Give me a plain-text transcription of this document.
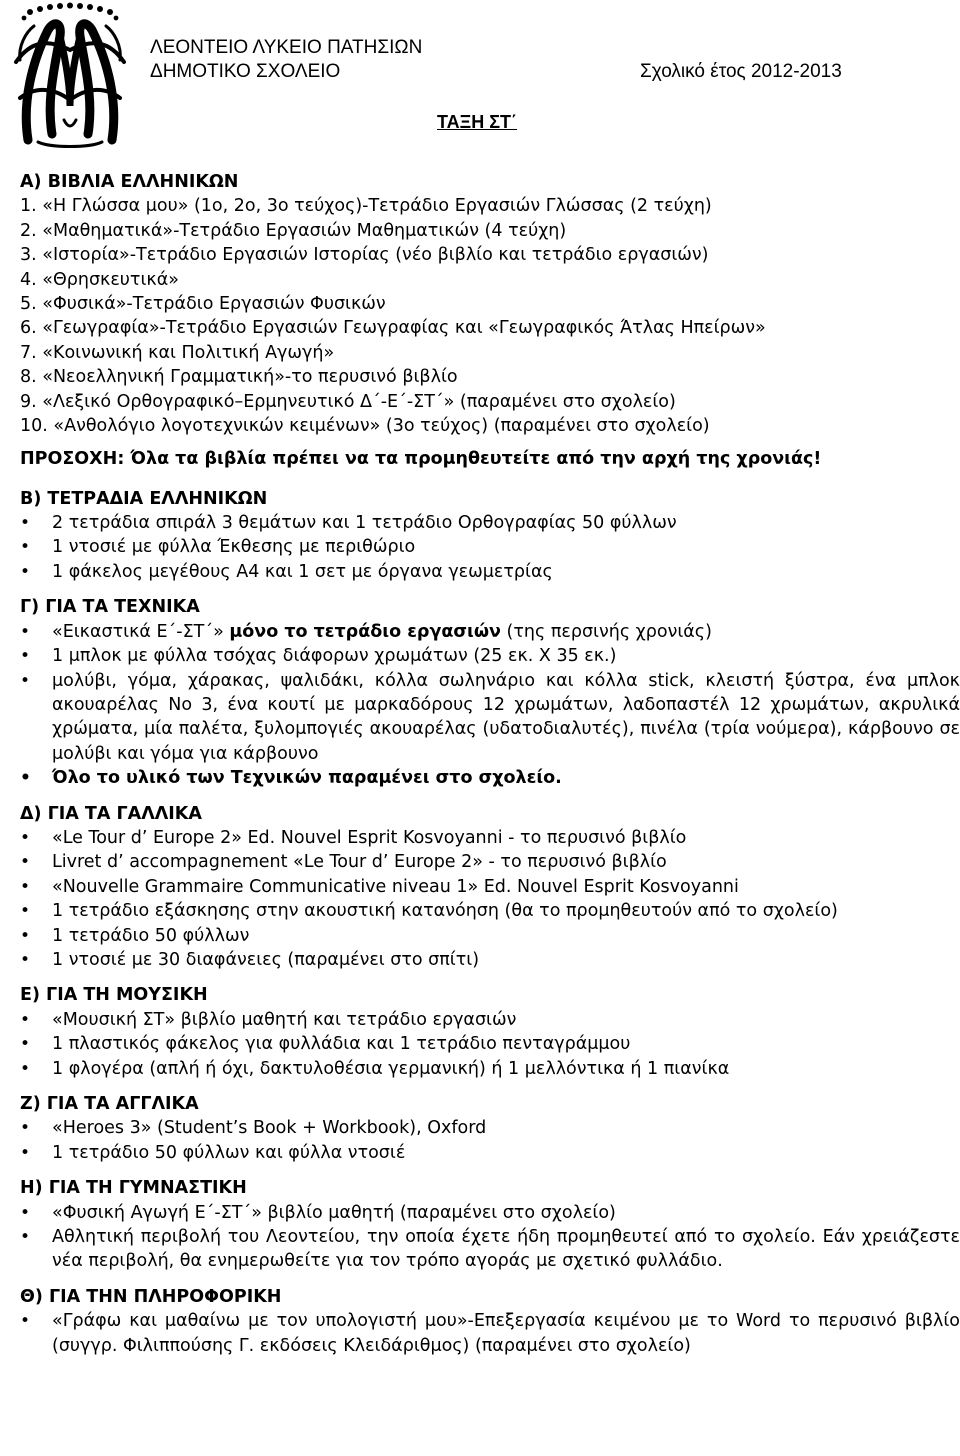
ΛΕΟΝΤΕΙΟ ΛΥΚΕΙΟ ΠΑΤΗΣΙΩΝ
ΔΗΜΟΤΙΚΟ ΣΧΟΛΕΙΟ	Σχολικό έτος 2012-2013
ΤΑΞΗ ΣΤ΄
Α) ΒΙΒΛΙΑ ΕΛΛΗΝΙΚΩΝ
1. «Η Γλώσσα μου» (1ο, 2ο, 3ο τεύχος)-Τετράδιο Εργασιών Γλώσσας (2 τεύχη)
2. «Μαθηματικά»-Τετράδιο Εργασιών Μαθηματικών (4 τεύχη)
3. «Ιστορία»-Τετράδιο Εργασιών Ιστορίας (νέο βιβλίο και τετράδιο εργασιών)
4. «Θρησκευτικά»
5. «Φυσικά»-Τετράδιο Εργασιών Φυσικών
6. «Γεωγραφία»-Τετράδιο Εργασιών Γεωγραφίας και «Γεωγραφικός Άτλας Ηπείρων»
7. «Κοινωνική και Πολιτική Αγωγή»
8. «Νεοελληνική Γραμματική»-το περυσινό βιβλίο
9. «Λεξικό Ορθογραφικό–Ερμηνευτικό Δ΄-Ε΄-ΣΤ΄» (παραμένει στο σχολείο)
10. «Ανθολόγιο λογοτεχνικών κειμένων» (3ο τεύχος) (παραμένει στο σχολείο)
ΠΡΟΣΟΧΗ: Όλα τα βιβλία πρέπει να τα προμηθευτείτε από την αρχή της χρονιάς!
Β) ΤΕΤΡΑΔΙΑ ΕΛΛΗΝΙΚΩΝ
• 2 τετράδια σπιράλ 3 θεμάτων και 1 τετράδιο Ορθογραφίας 50 φύλλων
• 1 ντοσιέ με φύλλα Έκθεσης με περιθώριο
• 1 φάκελος μεγέθους Α4 και 1 σετ με όργανα γεωμετρίας
Γ) ΓΙΑ ΤΑ ΤΕΧΝΙΚΑ
• «Εικαστικά Ε΄-ΣΤ΄» μόνο το τετράδιο εργασιών (της περσινής χρονιάς)
• 1 μπλοκ με φύλλα τσόχας διάφορων χρωμάτων (25 εκ. Χ 35 εκ.)
• μολύβι, γόμα, χάρακας, ψαλιδάκι, κόλλα σωληνάριο και κόλλα stick, κλειστή ξύστρα, ένα μπλοκ ακουαρέλας Νο 3, ένα κουτί με μαρκαδόρους 12 χρωμάτων, λαδοπαστέλ 12 χρωμάτων, ακρυλικά χρώματα, μία παλέτα, ξυλομπογιές ακουαρέλας (υδατοδιαλυτές), πινέλα (τρία νούμερα), κάρβουνο σε μολύβι και γόμα για κάρβουνο
• Όλο το υλικό των Τεχνικών παραμένει στο σχολείο.
Δ) ΓΙΑ ΤΑ ΓΑΛΛΙΚΑ
• «Le Tour d’ Europe 2» Ed. Nouvel Esprit Kosvoyanni - το περυσινό βιβλίο
• Livret d’ accompagnement «Le Tour d’ Europe 2» - το περυσινό βιβλίο
• «Nouvelle Grammaire Communicative niveau 1» Ed. Nouvel Esprit Kosvoyanni
• 1 τετράδιο εξάσκησης στην ακουστική κατανόηση (θα το προμηθευτούν από το σχολείο)
• 1 τετράδιο 50 φύλλων
• 1 ντοσιέ με 30 διαφάνειες (παραμένει στο σπίτι)
Ε) ΓΙΑ ΤΗ ΜΟΥΣΙΚΗ
• «Μουσική ΣΤ» βιβλίο μαθητή και τετράδιο εργασιών
• 1 πλαστικός φάκελος για φυλλάδια και 1 τετράδιο πενταγράμμου
• 1 φλογέρα (απλή ή όχι, δακτυλοθέσια γερμανική) ή 1 μελλόντικα ή 1 πιανίκα
Ζ) ΓΙΑ ΤΑ ΑΓΓΛΙΚΑ
• «Heroes 3» (Student’s Book + Workbook), Oxford
• 1 τετράδιο 50 φύλλων και φύλλα ντοσιέ
Η) ΓΙΑ ΤΗ ΓΥΜΝΑΣΤΙΚΗ
• «Φυσική Αγωγή Ε΄-ΣΤ΄» βιβλίο μαθητή (παραμένει στο σχολείο)
• Αθλητική περιβολή του Λεοντείου, την οποία έχετε ήδη προμηθευτεί από το σχολείο. Εάν χρειάζεστε νέα περιβολή, θα ενημερωθείτε για τον τρόπο αγοράς με σχετικό φυλλάδιο.
Θ) ΓΙΑ ΤΗΝ ΠΛΗΡΟΦΟΡΙΚΗ
• «Γράφω και μαθαίνω με τον υπολογιστή μου»-Επεξεργασία κειμένου με το Word το περυσινό βιβλίο (συγγρ. Φιλιππούσης Γ. εκδόσεις Κλειδάριθμος) (παραμένει στο σχολείο)
